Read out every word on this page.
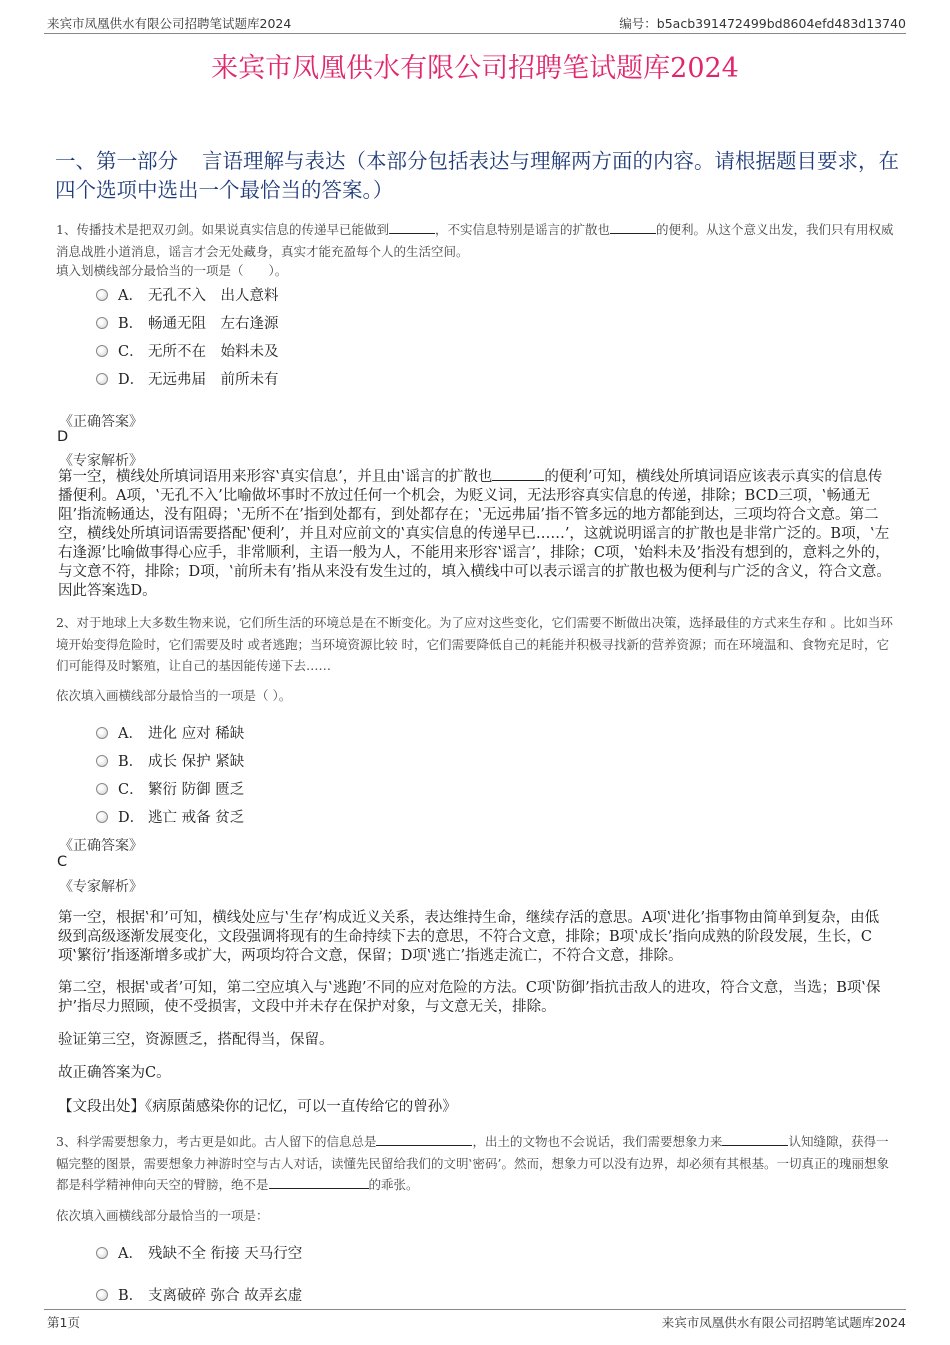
来宾市凤凰供水有限公司招聘笔试题库2024	编号：b5acb391472499bd8604efd483d13740
来宾市凤凰供水有限公司招聘笔试题库2024
一、第一部分 言语理解与表达（本部分包括表达与理解两方面的内容。请根据题目要求，在四个选项中选出一个最恰当的答案。）
1、传播技术是把双刃剑。如果说真实信息的传递早已能做到	，不实信息特别是谣言的扩散也	的便利。从这个意义出发，我们只有用权威消息战胜小道消息，谣言才会无处藏身，真实才能充盈每个人的生活空间。
填入划横线部分最恰当的一项是（　　）。
A． 无孔不入　出人意料
B． 畅通无阻　左右逢源
C． 无所不在　始料未及
D． 无远弗届　前所未有
《正确答案》
D
《专家解析》
第一空，横线处所填词语用来形容‛真实信息’，并且由‛谣言的扩散也	的便利’可知，横线处所填词语应该表示真实的信息传播便利。A项，‛无孔不入’比喻做坏事时不放过任何一个机会，为贬义词，无法形容真实信息的传递，排除；BCD三项，‛畅通无阻’指流畅通达，没有阻碍；‛无所不在’指到处都有，到处都存在；‛无远弗届’指不管多远的地方都能到达，三项均符合文意。第二空，横线处所填词语需要搭配‛便利’，并且对应前文的‛真实信息的传递早已……’，这就说明谣言的扩散也是非常广泛的。B项，‛左右逢源’比喻做事得心应手，非常顺利，主语一般为人，不能用来形容‛谣言’，排除；C项，‛始料未及’指没有想到的，意料之外的，与文意不符，排除；D项，‛前所未有’指从来没有发生过的，填入横线中可以表示谣言的扩散也极为便利与广泛的含义，符合文意。因此答案选D。
2、对于地球上大多数生物来说，它们所生活的环境总是在不断变化。为了应对这些变化，它们需要不断做出决策，选择最佳的方式来生存和 。比如当环境开始变得危险时，它们需要及时 或者逃跑；当环境资源比较 时，它们需要降低自己的耗能并积极寻找新的营养资源；而在环境温和、食物充足时，它们可能得及时繁殖，让自己的基因能传递下去……
依次填入画横线部分最恰当的一项是（ ）。
A． 进化 应对 稀缺
B． 成长 保护 紧缺
C． 繁衍 防御 匮乏
D． 逃亡 戒备 贫乏
《正确答案》
C
《专家解析》
第一空，根据‛和’可知，横线处应与‛生存’构成近义关系，表达维持生命，继续存活的意思。A项‛进化’指事物由简单到复杂，由低级到高级逐渐发展变化，文段强调将现有的生命持续下去的意思，不符合文意，排除；B项‛成长’指向成熟的阶段发展，生长，C项‛繁衍’指逐渐增多或扩大，两项均符合文意，保留；D项‛逃亡’指逃走流亡，不符合文意，排除。
第二空，根据‛或者’可知，第二空应填入与‛逃跑’不同的应对危险的方法。C项‛防御’指抗击敌人的进攻，符合文意，当选；B项‛保护’指尽力照顾，使不受损害，文段中并未存在保护对象，与文意无关，排除。
验证第三空，资源匮乏，搭配得当，保留。
故正确答案为C。
【文段出处】《病原菌感染你的记忆，可以一直传给它的曾孙》
3、科学需要想象力，考古更是如此。古人留下的信息总是	，出土的文物也不会说话，我们需要想象力来	认知缝隙，获得一幅完整的图景，需要想象力神游时空与古人对话，读懂先民留给我们的文明‛密码’。然而，想象力可以没有边界，却必须有其根基。一切真正的瑰丽想象都是科学精神伸向天空的臂膀，绝不是	的乖张。
依次填入画横线部分最恰当的一项是：
A． 残缺不全 衔接 天马行空
B． 支离破碎 弥合 故弄玄虚
第1页	来宾市凤凰供水有限公司招聘笔试题库2024
